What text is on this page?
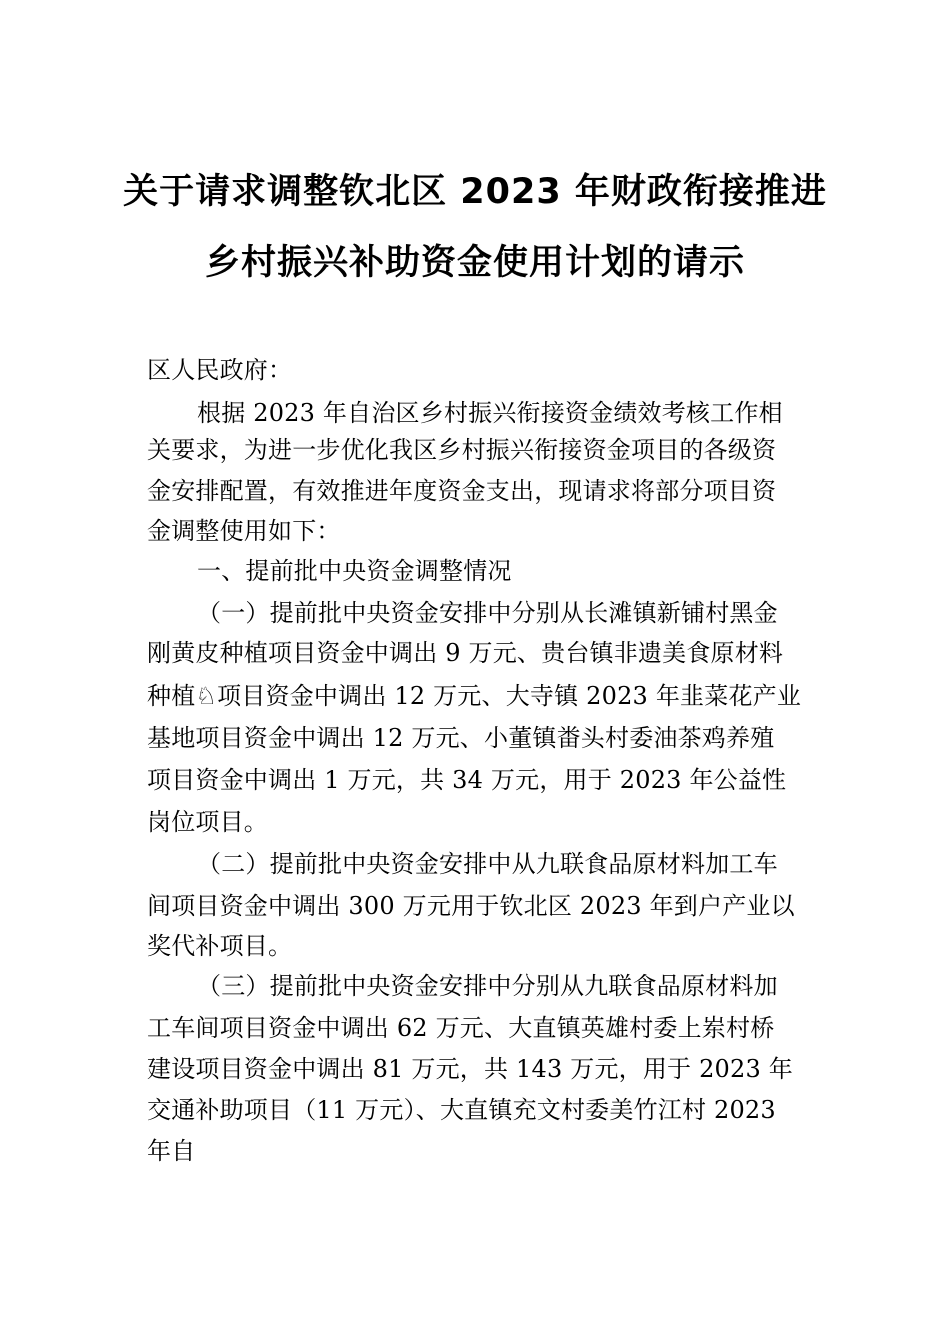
关于请求调整钦北区 2023 年财政衔接推进
乡村振兴补助资金使用计划的请示

区人民政府：

根据 2023 年自治区乡村振兴衔接资金绩效考核工作相

关要求，为进一步优化我区乡村振兴衔接资金项目的各级资

金安排配置，有效推进年度资金支出，现请求将部分项目资

金调整使用如下：

一、提前批中央资金调整情况

（一）提前批中央资金安排中分别从长滩镇新铺村黑金

刚黄皮种植项目资金中调出 9 万元、贵台镇非遗美食原材料

种植♘项目资金中调出 12 万元、大寺镇 2023 年韭菜花产业

基地项目资金中调出 12 万元、小董镇畨头村委油茶鸡养殖

项目资金中调出 1 万元，共 34 万元，用于 2023 年公益性

岗位项目。

（二）提前批中央资金安排中从九联食品原材料加工车

间项目资金中调出 300 万元用于钦北区 2023 年到户产业以

奖代补项目。

（三）提前批中央资金安排中分别从九联食品原材料加

工车间项目资金中调出 62 万元、大直镇英雄村委上岽村桥

建设项目资金中调出 81 万元，共 143 万元，用于 2023 年

交通补助项目（11 万元）、大直镇充文村委美竹江村 2023

年自
